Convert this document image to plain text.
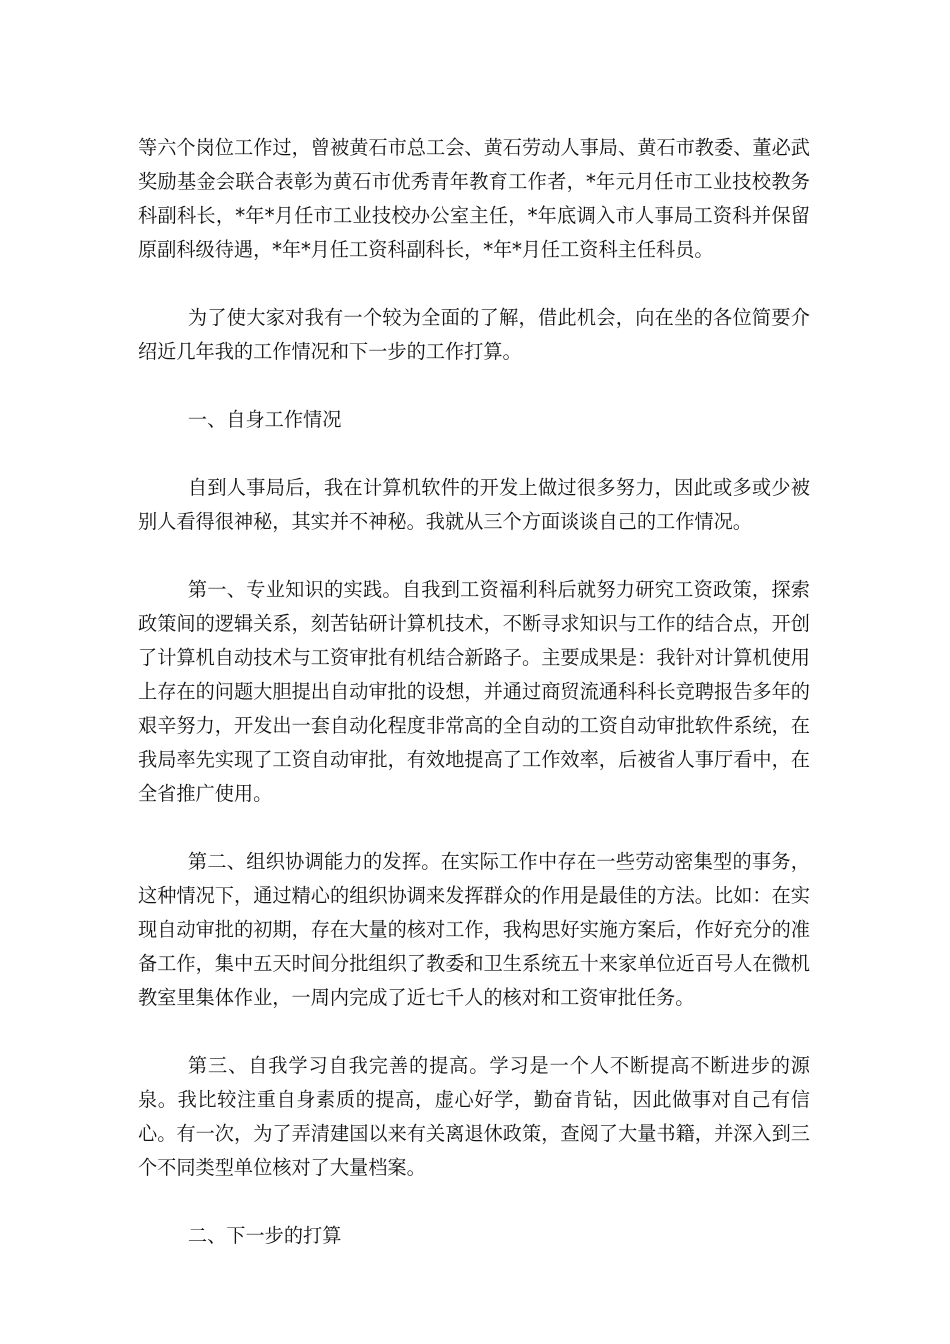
等六个岗位工作过，曾被黄石市总工会、黄石劳动人事局、黄石市教委、董必武奖励基金会联合表彰为黄石市优秀青年教育工作者，*年元月任市工业技校教务科副科长，*年*月任市工业技校办公室主任，*年底调入市人事局工资科并保留原副科级待遇，*年*月任工资科副科长，*年*月任工资科主任科员。

为了使大家对我有一个较为全面的了解，借此机会，向在坐的各位简要介绍近几年我的工作情况和下一步的工作打算。

一、自身工作情况

自到人事局后，我在计算机软件的开发上做过很多努力，因此或多或少被别人看得很神秘，其实并不神秘。我就从三个方面谈谈自己的工作情况。

第一、专业知识的实践。自我到工资福利科后就努力研究工资政策，探索政策间的逻辑关系，刻苦钻研计算机技术，不断寻求知识与工作的结合点，开创了计算机自动技术与工资审批有机结合新路子。主要成果是：我针对计算机使用上存在的问题大胆提出自动审批的设想，并通过商贸流通科科长竞聘报告多年的艰辛努力，开发出一套自动化程度非常高的全自动的工资自动审批软件系统，在我局率先实现了工资自动审批，有效地提高了工作效率，后被省人事厅看中，在全省推广使用。

第二、组织协调能力的发挥。在实际工作中存在一些劳动密集型的事务，这种情况下，通过精心的组织协调来发挥群众的作用是最佳的方法。比如：在实现自动审批的初期，存在大量的核对工作，我构思好实施方案后，作好充分的准备工作，集中五天时间分批组织了教委和卫生系统五十来家单位近百号人在微机教室里集体作业，一周内完成了近七千人的核对和工资审批任务。

第三、自我学习自我完善的提高。学习是一个人不断提高不断进步的源泉。我比较注重自身素质的提高，虚心好学，勤奋肯钻，因此做事对自己有信心。有一次，为了弄清建国以来有关离退休政策，查阅了大量书籍，并深入到三个不同类型单位核对了大量档案。

二、下一步的打算
